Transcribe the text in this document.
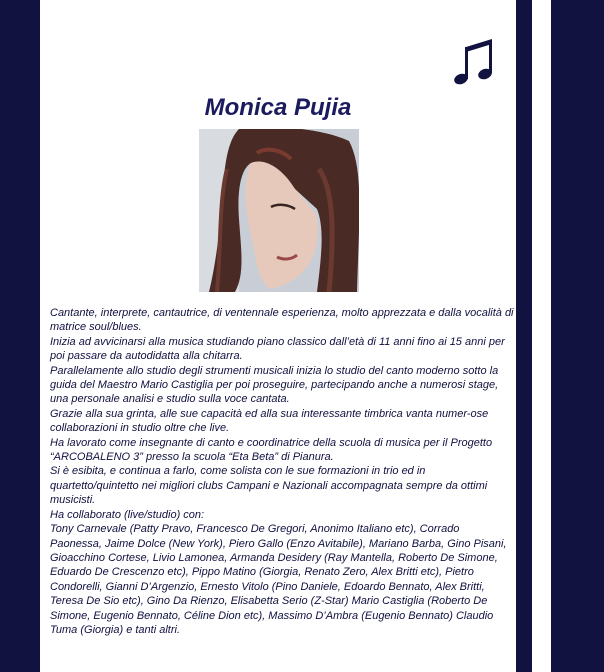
Monica Pujia

Cantante, interprete, cantautrice, di ventennale esperienza, molto apprezzata e dalla vocalità di matrice soul/blues.

Inizia ad avvicinarsi alla musica studiando piano classico dall’età di 11 anni fino ai 15 anni per poi passare da autodidatta alla chitarra.

Parallelamente allo studio degli strumenti musicali inizia lo studio del canto moderno sotto la guida del Maestro Mario Castiglia per poi proseguire, partecipando anche a numerosi stage, una personale analisi e studio sulla voce cantata.

Grazie alla sua grinta, alle sue capacità ed alla sua interessante timbrica vanta numer-ose collaborazioni in studio oltre che live.

Ha lavorato come insegnante di canto e coordinatrice della scuola di musica per il Progetto “ARCOBALENO 3” presso la scuola “Eta Beta” di Pianura.

Si è esibita, e continua a farlo, come solista con le sue formazioni in trio ed in quartetto/quintetto nei migliori clubs Campani e Nazionali accompagnata sempre da ottimi musicisti.

Ha collaborato (live/studio) con:

Tony Carnevale (Patty Pravo, Francesco De Gregori, Anonimo Italiano etc), Corrado Paonessa, Jaime Dolce (New York), Piero Gallo (Enzo Avitabile), Mariano Barba, Gino Pisani, Gioacchino Cortese, Livio Lamonea, Armanda Desidery (Ray Mantella, Roberto De Simone, Eduardo De Crescenzo etc), Pippo Matino (Giorgia, Renato Zero, Alex Britti etc), Pietro Condorelli, Gianni D’Argenzio, Ernesto Vitolo (Pino Daniele, Edoardo Bennato, Alex Britti, Teresa De Sio etc), Gino Da Rienzo, Elisabetta Serio (Z-Star) Mario Castiglia (Roberto De Simone, Eugenio Bennato, Céline Dion etc), Massimo D’Ambra (Eugenio Bennato) Claudio Tuma (Giorgia) e tanti altri.
